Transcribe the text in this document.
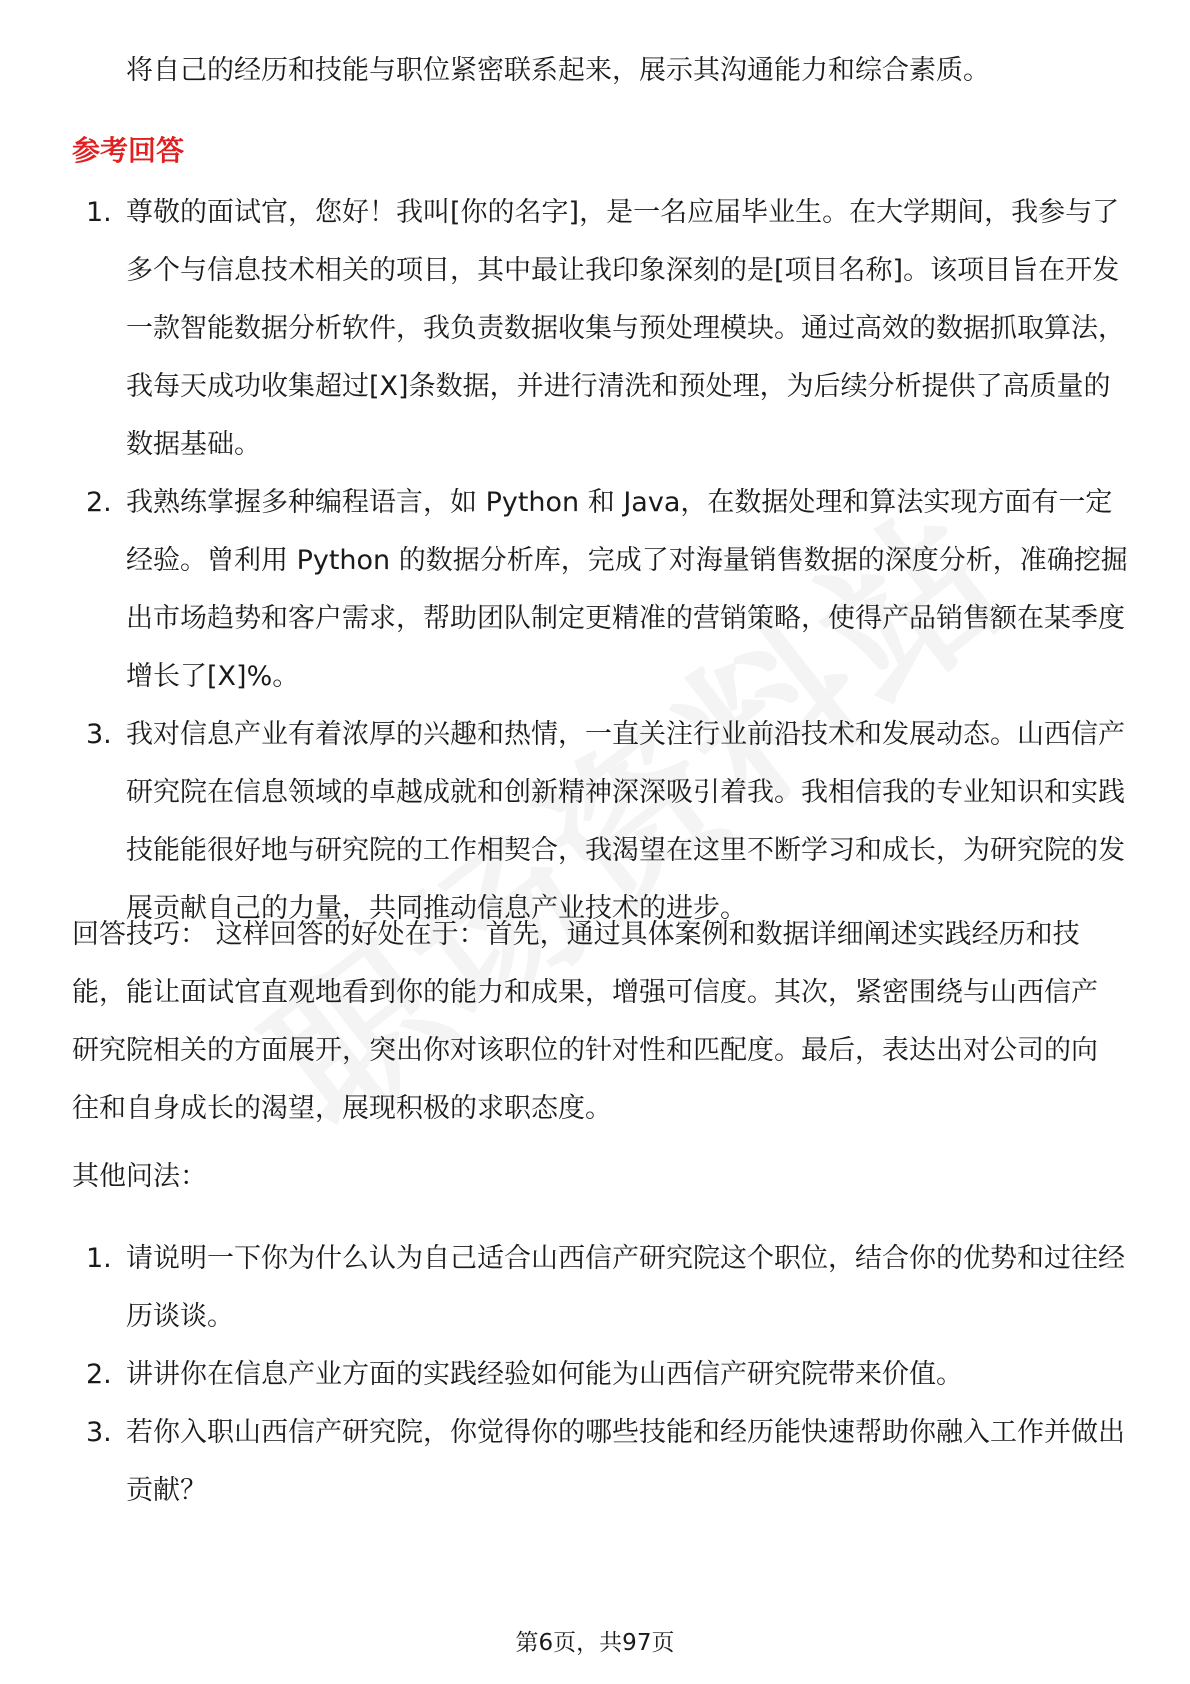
将自己的经历和技能与职位紧密联系起来，展示其沟通能力和综合素质。
参考回答
1. 尊敬的面试官，您好！我叫[你的名字]，是一名应届毕业生。在大学期间，我参与了多个与信息技术相关的项目，其中最让我印象深刻的是[项目名称]。该项目旨在开发一款智能数据分析软件，我负责数据收集与预处理模块。通过高效的数据抓取算法，我每天成功收集超过[X]条数据，并进行清洗和预处理，为后续分析提供了高质量的数据基础。
2. 我熟练掌握多种编程语言，如 Python 和 Java，在数据处理和算法实现方面有一定经验。曾利用 Python 的数据分析库，完成了对海量销售数据的深度分析，准确挖掘出市场趋势和客户需求，帮助团队制定更精准的营销策略，使得产品销售额在某季度增长了[X]%。
3. 我对信息产业有着浓厚的兴趣和热情，一直关注行业前沿技术和发展动态。山西信产研究院在信息领域的卓越成就和创新精神深深吸引着我。我相信我的专业知识和实践技能能很好地与研究院的工作相契合，我渴望在这里不断学习和成长，为研究院的发展贡献自己的力量，共同推动信息产业技术的进步。
回答技巧： 这样回答的好处在于：首先，通过具体案例和数据详细阐述实践经历和技能，能让面试官直观地看到你的能力和成果，增强可信度。其次，紧密围绕与山西信产研究院相关的方面展开，突出你对该职位的针对性和匹配度。最后，表达出对公司的向往和自身成长的渴望，展现积极的求职态度。
其他问法：
1. 请说明一下你为什么认为自己适合山西信产研究院这个职位，结合你的优势和过往经历谈谈。
2. 讲讲你在信息产业方面的实践经验如何能为山西信产研究院带来价值。
3. 若你入职山西信产研究院，你觉得你的哪些技能和经历能快速帮助你融入工作并做出贡献？
第6页，共97页
